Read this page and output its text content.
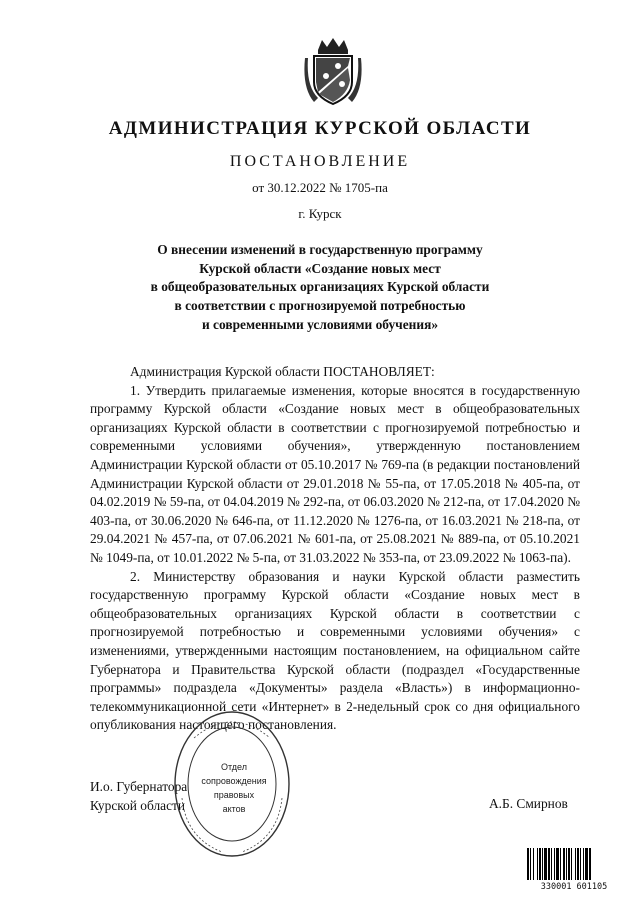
АДМИНИСТРАЦИЯ КУРСКОЙ ОБЛАСТИ
ПОСТАНОВЛЕНИЕ
от 30.12.2022 № 1705-па
г. Курск
О внесении изменений в государственную программу
Курской области «Создание новых мест
в общеобразовательных организациях Курской области
в соответствии с прогнозируемой потребностью
и современными условиями обучения»

Администрация Курской области ПОСТАНОВЛЯЕТ:

1. Утвердить прилагаемые изменения, которые вносятся в государственную программу Курской области «Создание новых мест в общеобразовательных организациях Курской области в соответствии с прогнозируемой потребностью и современными условиями обучения», утвержденную постановлением Администрации Курской области от 05.10.2017 № 769-па (в редакции постановлений Администрации Курской области от 29.01.2018 № 55-па, от 17.05.2018 № 405-па, от 04.02.2019 № 59-па, от 04.04.2019 № 292-па, от 06.03.2020 № 212-па, от 17.04.2020 № 403-па, от 30.06.2020 № 646-па, от 11.12.2020 № 1276-па, от 16.03.2021 № 218-па, от 29.04.2021 № 457-па, от 07.06.2021 № 601-па, от 25.08.2021 № 889-па, от 05.10.2021 № 1049-па, от 10.01.2022 № 5-па, от 31.03.2022 № 353-па, от 23.09.2022 № 1063-па).

2. Министерству образования и науки Курской области разместить государственную программу Курской области «Создание новых мест в общеобразовательных организациях Курской области в соответствии с прогнозируемой потребностью и современными условиями обучения» с изменениями, утвержденными настоящим постановлением, на официальном сайте Губернатора и Правительства Курской области (подраздел «Государственные программы» подраздела «Документы» раздела «Власть») в информационно-телекоммуникационной сети «Интернет» в 2-недельный срок со дня официального опубликования настоящего постановления.

И.о. Губернатора
Курской области	А.Б. Смирнов
Отдел
сопровождения
правовых
актов
330001 601105
